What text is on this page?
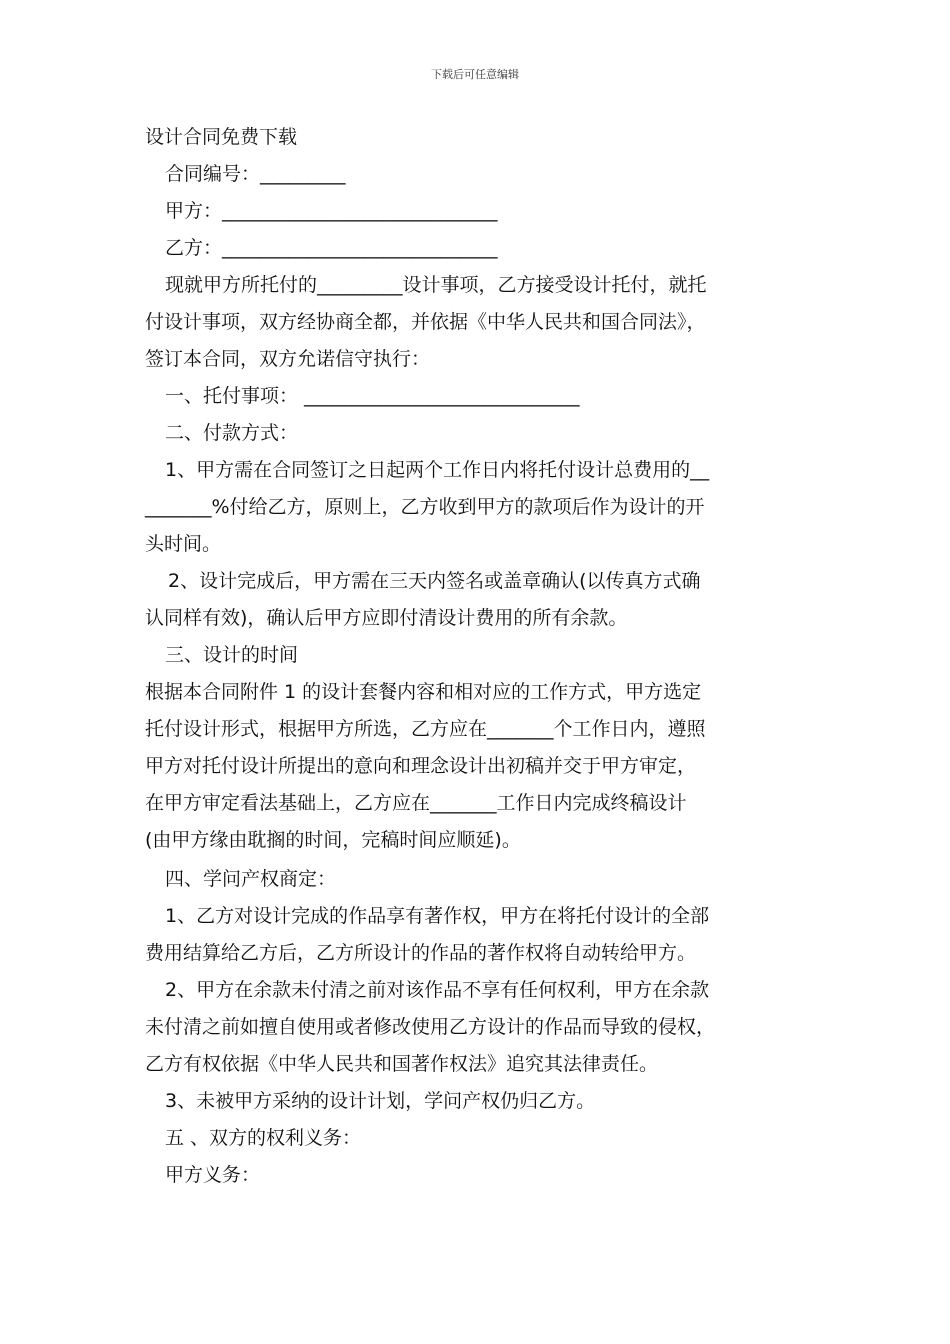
下载后可任意编辑
设计合同免费下载
合同编号：_________
甲方：_____________________________
乙方：_____________________________
现就甲方所托付的_________设计事项，乙方接受设计托付，就托
付设计事项，双方经协商全都，并依据《中华人民共和国合同法》，
签订本合同，双方允诺信守执行：
一、托付事项： _____________________________
二、付款方式：
1、甲方需在合同签订之日起两个工作日内将托付设计总费用的__
_______%付给乙方，原则上，乙方收到甲方的款项后作为设计的开
头时间。
2、设计完成后，甲方需在三天内签名或盖章确认(以传真方式确
认同样有效)，确认后甲方应即付清设计费用的所有余款。
三、设计的时间
根据本合同附件 1 的设计套餐内容和相对应的工作方式，甲方选定
托付设计形式，根据甲方所选，乙方应在_______个工作日内，遵照
甲方对托付设计所提出的意向和理念设计出初稿并交于甲方审定，
在甲方审定看法基础上，乙方应在_______工作日内完成终稿设计
(由甲方缘由耽搁的时间，完稿时间应顺延)。
四、学问产权商定：
1、乙方对设计完成的作品享有著作权，甲方在将托付设计的全部
费用结算给乙方后，乙方所设计的作品的著作权将自动转给甲方。
2、甲方在余款未付清之前对该作品不享有任何权利，甲方在余款
未付清之前如擅自使用或者修改使用乙方设计的作品而导致的侵权，
乙方有权依据《中华人民共和国著作权法》追究其法律责任。
3、未被甲方采纳的设计计划，学问产权仍归乙方。
五 、双方的权利义务：
甲方义务：
